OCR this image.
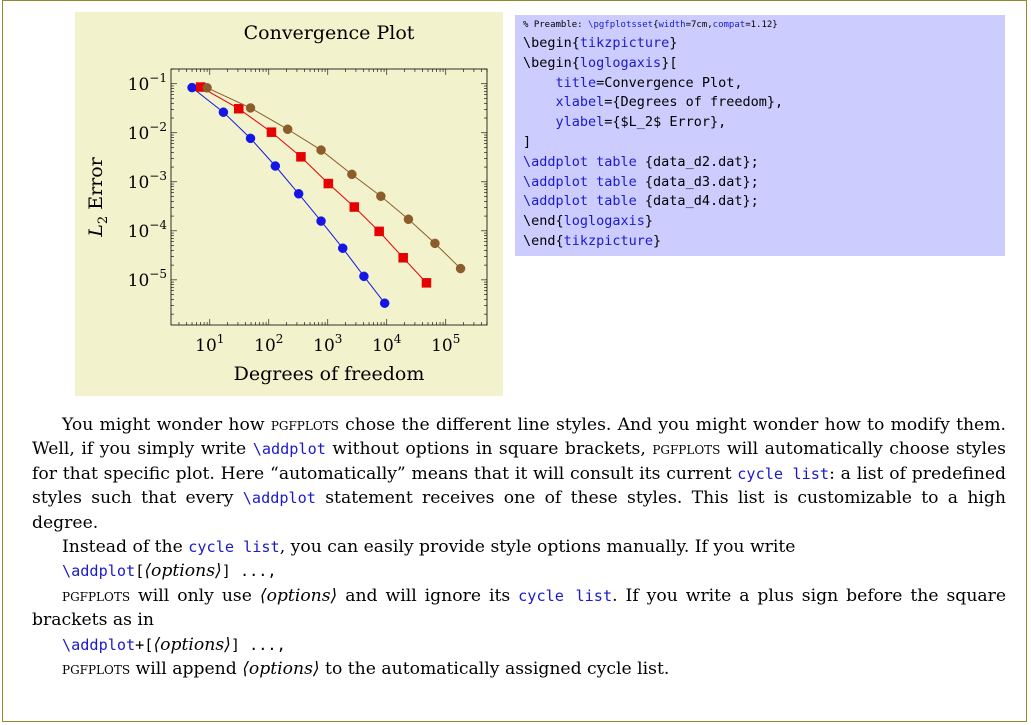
$10^1$ $10^2$ $10^3$ $10^4$ $10^5$
$10^{-1}$
$10^{-2}$
$10^{-3}$
$10^{-4}$
$10^{-5}$
Convergence Plot
Degrees of freedom
$L_2$ Error
% Preamble: \pgfplotsset{width=7cm,compat=1.12}
\begin{tikzpicture}
\begin{loglogaxis}[
title=Convergence Plot,
xlabel={Degrees of freedom},
ylabel={$L_2$ Error},
]
\addplot table {data_d2.dat};
\addplot table {data_d3.dat};
\addplot table {data_d4.dat};
\end{loglogaxis}
\end{tikzpicture}

You might wonder how pgfplots chose the different line styles. And you might wonder how to modify them. Well, if you simply write \addplot without options in square brackets, pgfplots will automatically choose styles for that specific plot. Here “automatically” means that it will consult its current cycle list: a list of predefined styles such that every \addplot statement receives one of these styles. This list is customizable to a high degree.

Instead of the cycle list, you can easily provide style options manually. If you write

\addplot[⟨options⟩] ...,

pgfplots will only use ⟨options⟩ and will ignore its cycle list. If you write a plus sign before the square brackets as in

\addplot+[⟨options⟩] ...,

pgfplots will append ⟨options⟩ to the automatically assigned cycle list.
